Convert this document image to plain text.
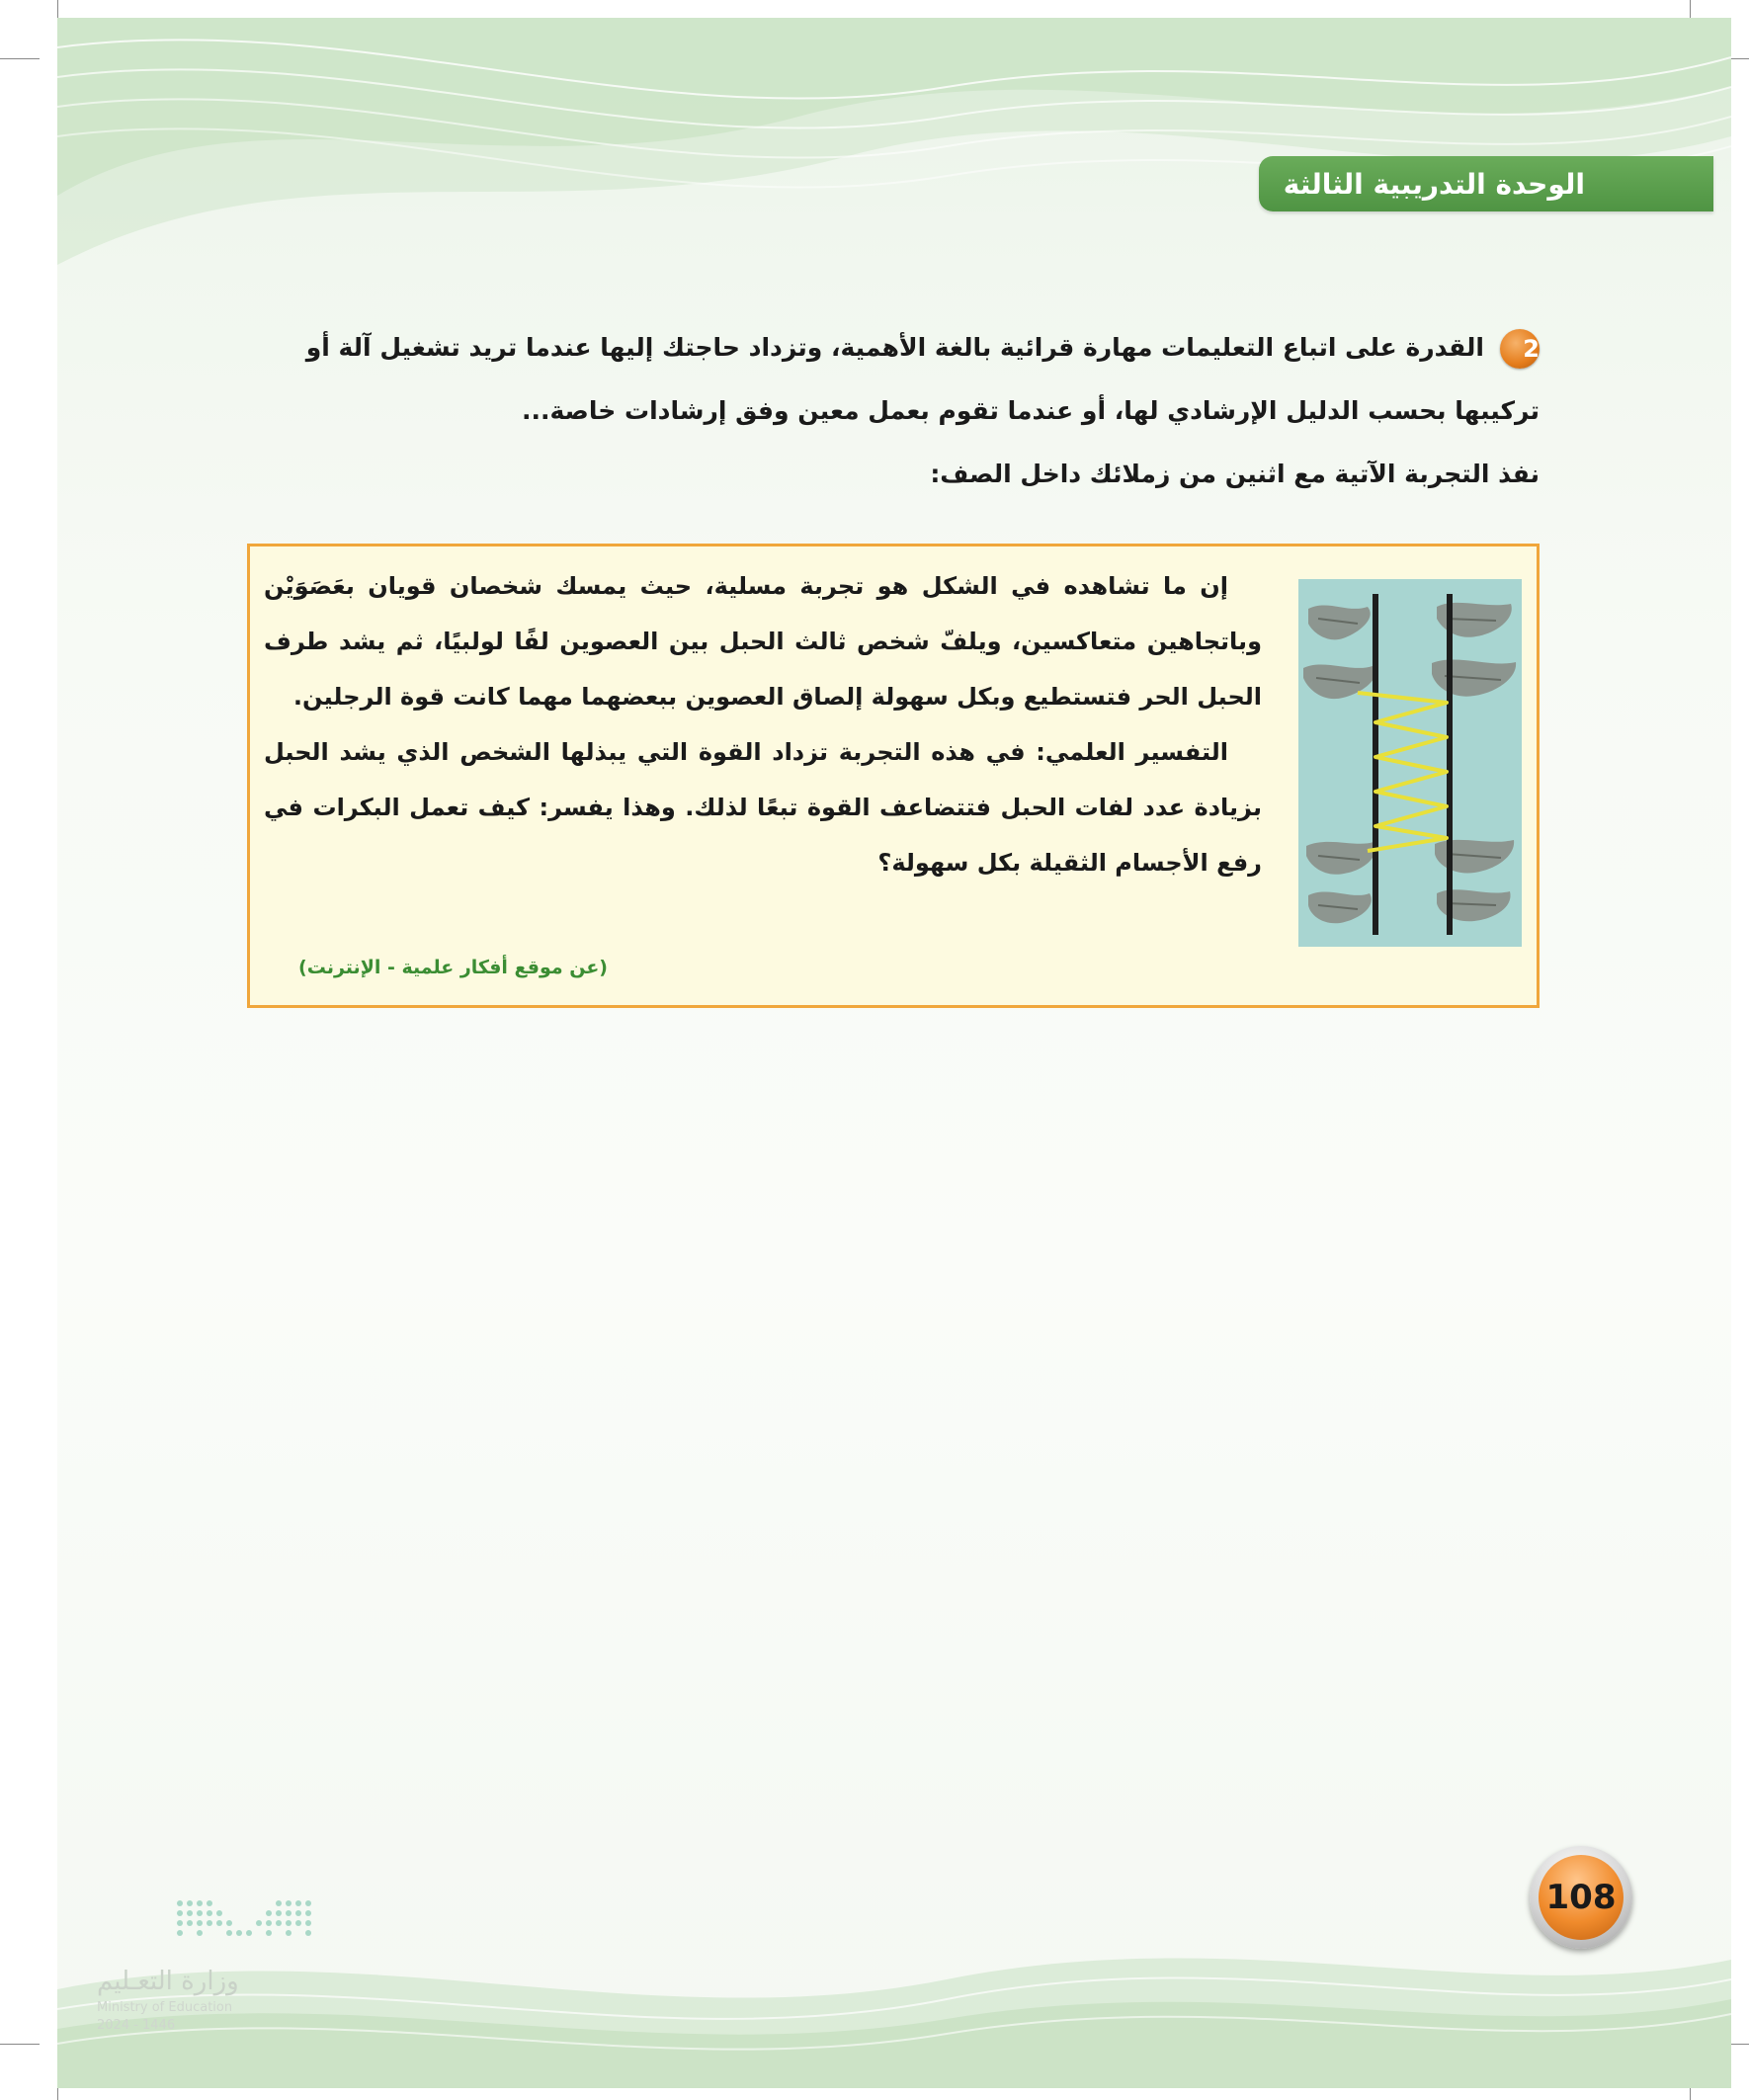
الوحدة التدريبية الثالثة

2القدرة على اتباع التعليمات مهارة قرائية بالغة الأهمية، وتزداد حاجتك إليها عندما تريد تشغيل آلة أو

تركيبها بحسب الدليل الإرشادي لها، أو عندما تقوم بعمل معين وفق إرشادات خاصة...

نفذ التجربة الآتية مع اثنين من زملائك داخل الصف:

إن ما تشاهده في الشكل هو تجربة مسلية، حيث يمسك شخصان قويان بعَصَوَيْن وباتجاهين متعاكسين، ويلفّ شخص ثالث الحبل بين العصوين لفًا لولبيًا، ثم يشد طرف الحبل الحر فتستطيع وبكل سهولة إلصاق العصوين ببعضهما مهما كانت قوة الرجلين.

التفسير العلمي: في هذه التجربة تزداد القوة التي يبذلها الشخص الذي يشد الحبل بزيادة عدد لفات الحبل فتتضاعف القوة تبعًا لذلك. وهذا يفسر: كيف تعمل البكرات في رفع الأجسام الثقيلة بكل سهولة؟

(عن موقع أفكار علمية - الإنترنت)
108
وزارة التعـليم
Ministry of Education
2024 - 1446
